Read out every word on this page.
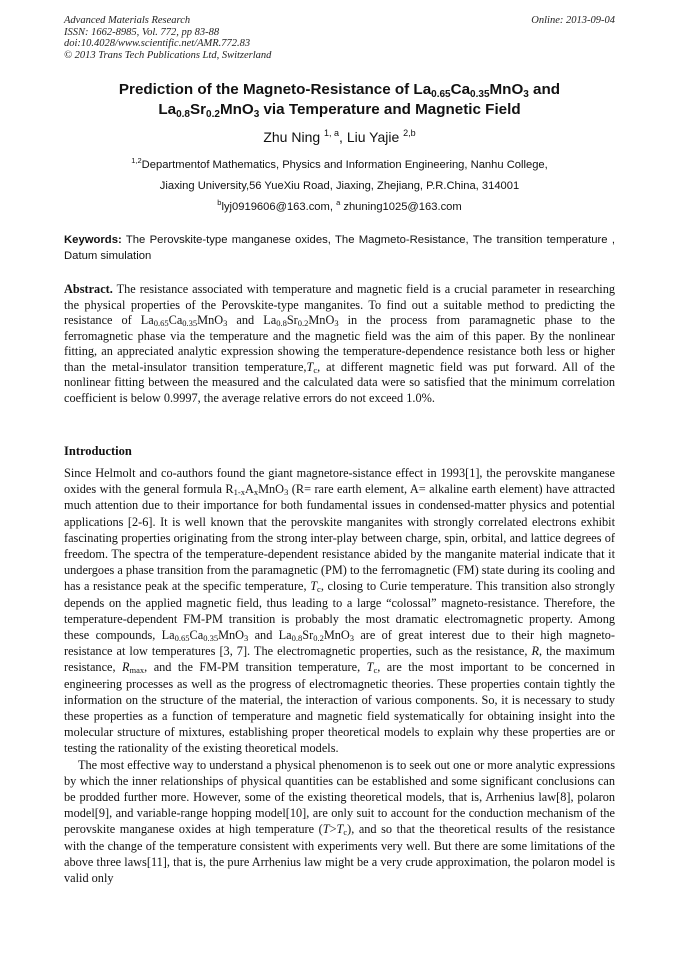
Advanced Materials Research
ISSN: 1662-8985, Vol. 772, pp 83-88
doi:10.4028/www.scientific.net/AMR.772.83
© 2013 Trans Tech Publications Ltd, Switzerland
Online: 2013-09-04
Prediction of the Magneto-Resistance of $La_{0.65}Ca_{0.35}MnO_3$ and
$La_{0.8}Sr_{0.2}MnO_3$ via Temperature and Magnetic Field
Zhu Ning $^{1, a}$, Liu Yajie $^{2,b}$
$^{1,2}$Departmentof Mathematics, Physics and Information Engineering, Nanhu College,
Jiaxing University,56 YueXiu Road, Jiaxing, Zhejiang, P.R.China, 314001
$^b$lyj0919606@163.com, $^a$ zhuning1025@163.com
Keywords: The Perovskite-type manganese oxides, The Magmeto-Resistance, The transition temperature , Datum simulation
Abstract. The resistance associated with temperature and magnetic field is a crucial parameter in researching the physical properties of the Perovskite-type manganites. To find out a suitable method to predicting the resistance of $La_{0.65}Ca_{0.35}MnO_3$ and $La_{0.8}Sr_{0.2}MnO_3$ in the process from paramagnetic phase to the ferromagnetic phase via the temperature and the magnetic field was the aim of this paper. By the nonlinear fitting, an appreciated analytic expression showing the temperature-dependence resistance both less or higher than the metal-insulator transition $temperature,T_c$, at different magnetic field was put forward. All of the nonlinear fitting between the measured and the calculated data were so satisfied that the minimum correlation coefficient is below 0.9997, the average relative errors do not exceed 1.0%.
Introduction

Since Helmolt and co-authors found the giant magnetore-sistance effect in 1993[1], the perovskite manganese oxides with the general formula $R_{1-x}A_xMnO_3$ (R= rare earth element, A= alkaline earth element) have attracted much attention due to their importance for both fundamental issues in condensed-matter physics and potential applications [2-6]. It is well known that the perovskite manganites with strongly correlated electrons exhibit fascinating properties originating from the strong inter-play between charge, spin, orbital, and lattice degrees of freedom. The spectra of the temperature-dependent resistance abided by the manganite material indicate that it undergoes a phase transition from the paramagnetic (PM) to the ferromagnetic (FM) state during its cooling and has a resistance peak at the specific temperature, $T_c$, closing to Curie temperature. This transition also strongly depends on the applied magnetic field, thus leading to a large “colossal” magneto-resistance. Therefore, the temperature-dependent FM-PM transition is probably the most dramatic electromagnetic property. Among these compounds, $La_{0.65}Ca_{0.35}MnO_3$ and $La_{0.8}Sr_{0.2}MnO_3$ are of great interest due to their high magneto-resistance at low temperatures [3, 7]. The electromagnetic properties, such as the resistance, R, the maximum resistance, $R_{max}$, and the FM-PM transition temperature, $T_c$, are the most important to be concerned in engineering processes as well as the progress of electromagnetic theories. These properties contain tightly the information on the structure of the material, the interaction of various components. So, it is necessary to study these properties as a function of temperature and magnetic field systematically for obtaining insight into the molecular structure of mixtures, establishing proper theoretical models to explain why these properties are or testing the rationality of the existing theoretical models.

The most effective way to understand a physical phenomenon is to seek out one or more analytic expressions by which the inner relationships of physical quantities can be established and some significant conclusions can be prodded further more. However, some of the existing theoretical models, that is, Arrhenius law[8], polaron model[9], and variable-range hopping model[10], are only suit to account for the conduction mechanism of the perovskite manganese oxides at high temperature $(T>T_c)$, and so that the theoretical results of the resistance with the change of the temperature consistent with experiments very well. But there are some limitations of the above three laws[11], that is, the pure Arrhenius law might be a very crude approximation, the polaron model is valid only
